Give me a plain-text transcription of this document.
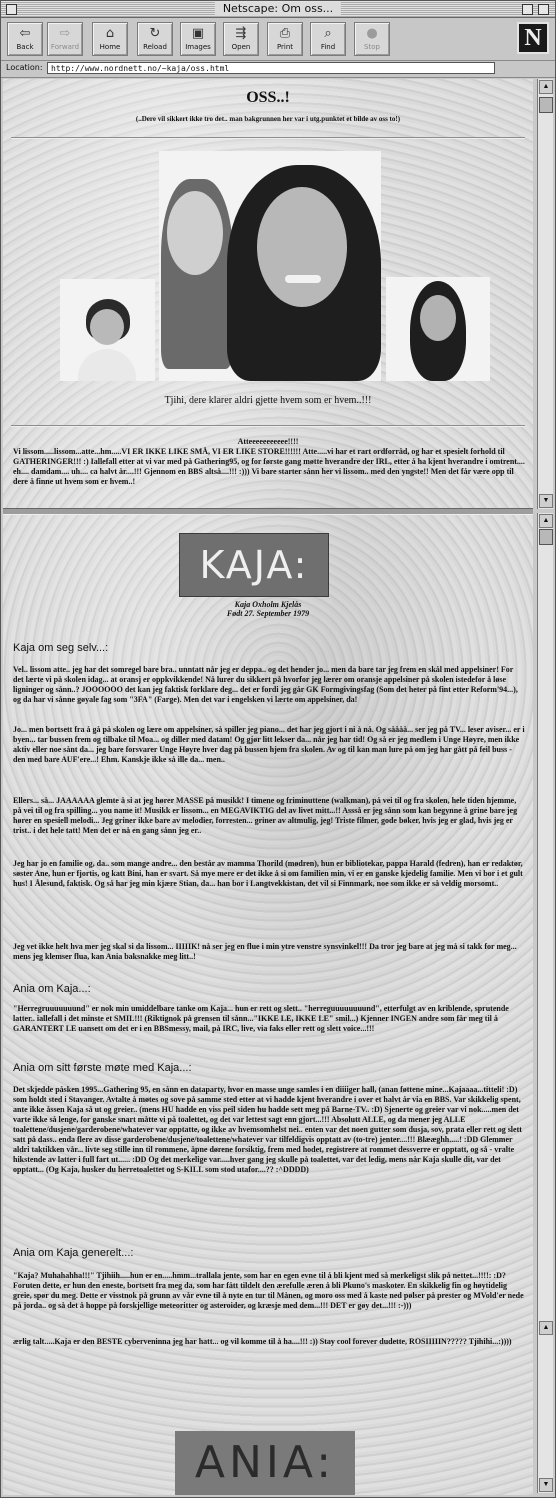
Netscape: Om oss...
⇦
Back
⇨
Forward
⌂
Home
↻
Reload
▣
Images
⇶
Open
⎙
Print
⌕
Find
●
Stop	N
Location:	http://www.nordnett.no/~kaja/oss.html
OSS..!
(..Dere vil sikkert ikke tro det.. man bakgrunnen her var i utg.punktet et bilde av oss to!)
Tjihi, dere klarer aldri gjette hvem som er hvem..!!!
Atteeeeeeeeeee!!!!
Vi lissom.....lissom...atte...hm.....VI ER IKKE LIKE SMÅ, VI ER LIKE STORE!!!!!! Atte.....vi har et rart ordforråd, og har et spesielt forhold til GATHERINGER!!! :) Iallefall etter at vi var med på Gathering95, og for første gang møtte hverandre der IRL, etter å ha kjent hverandre i omtrent.... eh.... damdam.... uh.... ca halvt år....!!! Gjennom en BBS altså....!!! :))) Vi bare starter sånn her vi lissom.. med den yngste!! Men det får være opp til dere å finne ut hvem som er hvem..!
KAJA:
Kaja Oxholm Kjelås
Født 27. September 1979
Kaja om seg selv...:
Vel.. lissom atte.. jeg har det somregel bare bra.. unntatt når jeg er deppa.. og det hender jo... men da bare tar jeg frem en skål med appelsiner! For det lærte vi på skolen idag... at oransj er oppkvikkende! Nå lurer du sikkert på hvorfor jeg lærer om oransje appelsiner på skolen istedefor å løse ligninger og sånn..? JOOOOOO det kan jeg faktisk forklare deg... det er fordi jeg går GK Formgivingsfag (Som det heter på fint etter Reform'94...), og da har vi sånne gøyale fag som "3FA" (Farge). Men det var i engelsken vi lærte om appelsiner, da!
Jo... men bortsett fra å gå på skolen og lære om appelsiner, så spiller jeg piano... det har jeg gjort i ni å nå. Og såååå... ser jeg på TV... leser aviser... er i byen... tar bussen frem og tilbake til Moa... og diller med datam! Og gjør litt lekser da... når jeg har tid! Og så er jeg medlem i Unge Høyre, men ikke aktiv eller noe sånt da... jeg bare forsvarer Unge Høyre hver dag på bussen hjem fra skolen. Av og til kan man lure på om jeg har gått på feil buss - den med bare AUF'ere...! Ehm. Kanskje ikke så ille da... men..
Ellers... så... JAAAAAA glemte å si at jeg hører MASSE på musikk! I timene og friminuttene (walkman), på vei til og fra skolen, hele tiden hjemme, på vei til og fra spilling... you name it! Musikk er lissom... en MEGAVIKTIG del av livet mitt...!! Assså er jeg sånn som kan begynne å grine bare jeg hører en spesiell melodi... Jeg griner ikke bare av melodier, forresten... griner av altmulig, jeg! Triste filmer, gode bøker, hvis jeg er glad, hvis jeg er trist.. i det hele tatt! Men det er nå en gang sånn jeg er..
Jeg har jo en familie og, da.. som mange andre... den består av mamma Thorild (mødren), hun er bibliotekar, pappa Harald (fedren), han er redaktør, søster Ane, hun er fjortis, og katt Bini, han er svart. Så mye mere er det ikke å si om familien min, vi er en ganske kjedelig familie. Men vi bor i et gult hus! I Ålesund, faktisk. Og så har jeg min kjære Stian, da... han bor i Langtvekkistan, det vil si Finnmark, noe som ikke er så veldig morsomt..
Jeg vet ikke helt hva mer jeg skal si da lissom... IIIIIK! nå ser jeg en flue i min ytre venstre synsvinkel!!! Da tror jeg bare at jeg må si takk for meg... mens jeg klemser flua, kan Ania baksnakke meg litt..!
Ania om Kaja...:
"Herregruuuuuuund" er nok min umiddelbare tanke om Kaja... hun er rett og slett.. "herreguuuuuuuund", etterfulgt av en kriblende, sprutende latter.. iallefall i det minste et SMIL!!! (Riktignok på grensen til sånn..."IKKE LE, IKKE LE" smil...) Kjenner INGEN andre som får meg til å GARANTERT LE uansett om det er i en BBSmessy, mail, på IRC, live, via faks eller rett og slett voice...!!!
Ania om sitt første møte med Kaja...:
Det skjedde påsken 1995...Gathering 95, en sånn en dataparty, hvor en masse unge samles i en diiiiger hall, (anan føttene mine...Kajaaaa...titteli! :D) som holdt sted i Stavanger. Avtalte å møtes og sove på samme sted etter at vi hadde kjent hverandre i over et halvt år via en BBS. Var skikkelig spent, ante ikke åssen Kaja så ut og greier.. (mens HU hadde en viss peil siden hu hadde sett meg på Barne-TV.. :D) Sjenerte og greier var vi nok.....men det varte ikke så lenge, for ganske snart måtte vi på toalettet, og det var lettest sagt enn gjort...!!! Absolutt ALLE, og da mener jeg ALLE toalettene/dusjene/garderobene/whatever var opptatte, og ikke av hvemsomhelst nei.. enten var det noen gutter som dusja, sov, prata eller rett og slett satt på dass.. enda flere av disse garderobene/dusjene/toalettene/whatever var tilfeldigvis opptatt av (to-tre) jenter....!!! Blææghh.....! :DD Glemmer aldri taktikken vår... livte seg stille inn til rommene, åpne dørene forsiktig, frem med hodet, registrere at rommet dessverre er opptatt, og så - vralte hikstende av latter i full fart ut...... :DD Og det merkelige var.....hver gang jeg skulle på toalettet, var det ledig, mens når Kaja skulle dit, var det opptatt... (Og Kaja, husker du herretoalettet og S-KILL som stod utafor....?? :^DDDD)
Ania om Kaja generelt...:
"Kaja? Muhahahha!!!" Tjihiih.....hun er en.....hmm...trallala jente, som har en egen evne til å bli kjent med så merkeligst slik på nettet...!!!!: :D? Foruten dette, er hun den eneste, bortsett fra meg da, som har fått tildelt den ærefulle æren å bli Pkuno's maskoter. En skikkelig fin og høytidelig greie, spør du meg. Dette er visstnok på grunn av vår evne til å nyte en tur til Månen, og moro oss med å kaste ned pølser på prester og MVold'er nede på jorda.. og så det å hoppe på forskjellige meteoritter og asteroider, og kræsje med dem...!!! DET er gøy det...!!! :-)))
ærlig talt.....Kaja er den BESTE cyberveninna jeg har hatt... og vil komme til å ha....!!! :)) Stay cool forever dudette, ROSIIIIIN????? Tjihihi...:))))
ANIA:
▲
▼
▲
▲
▼
